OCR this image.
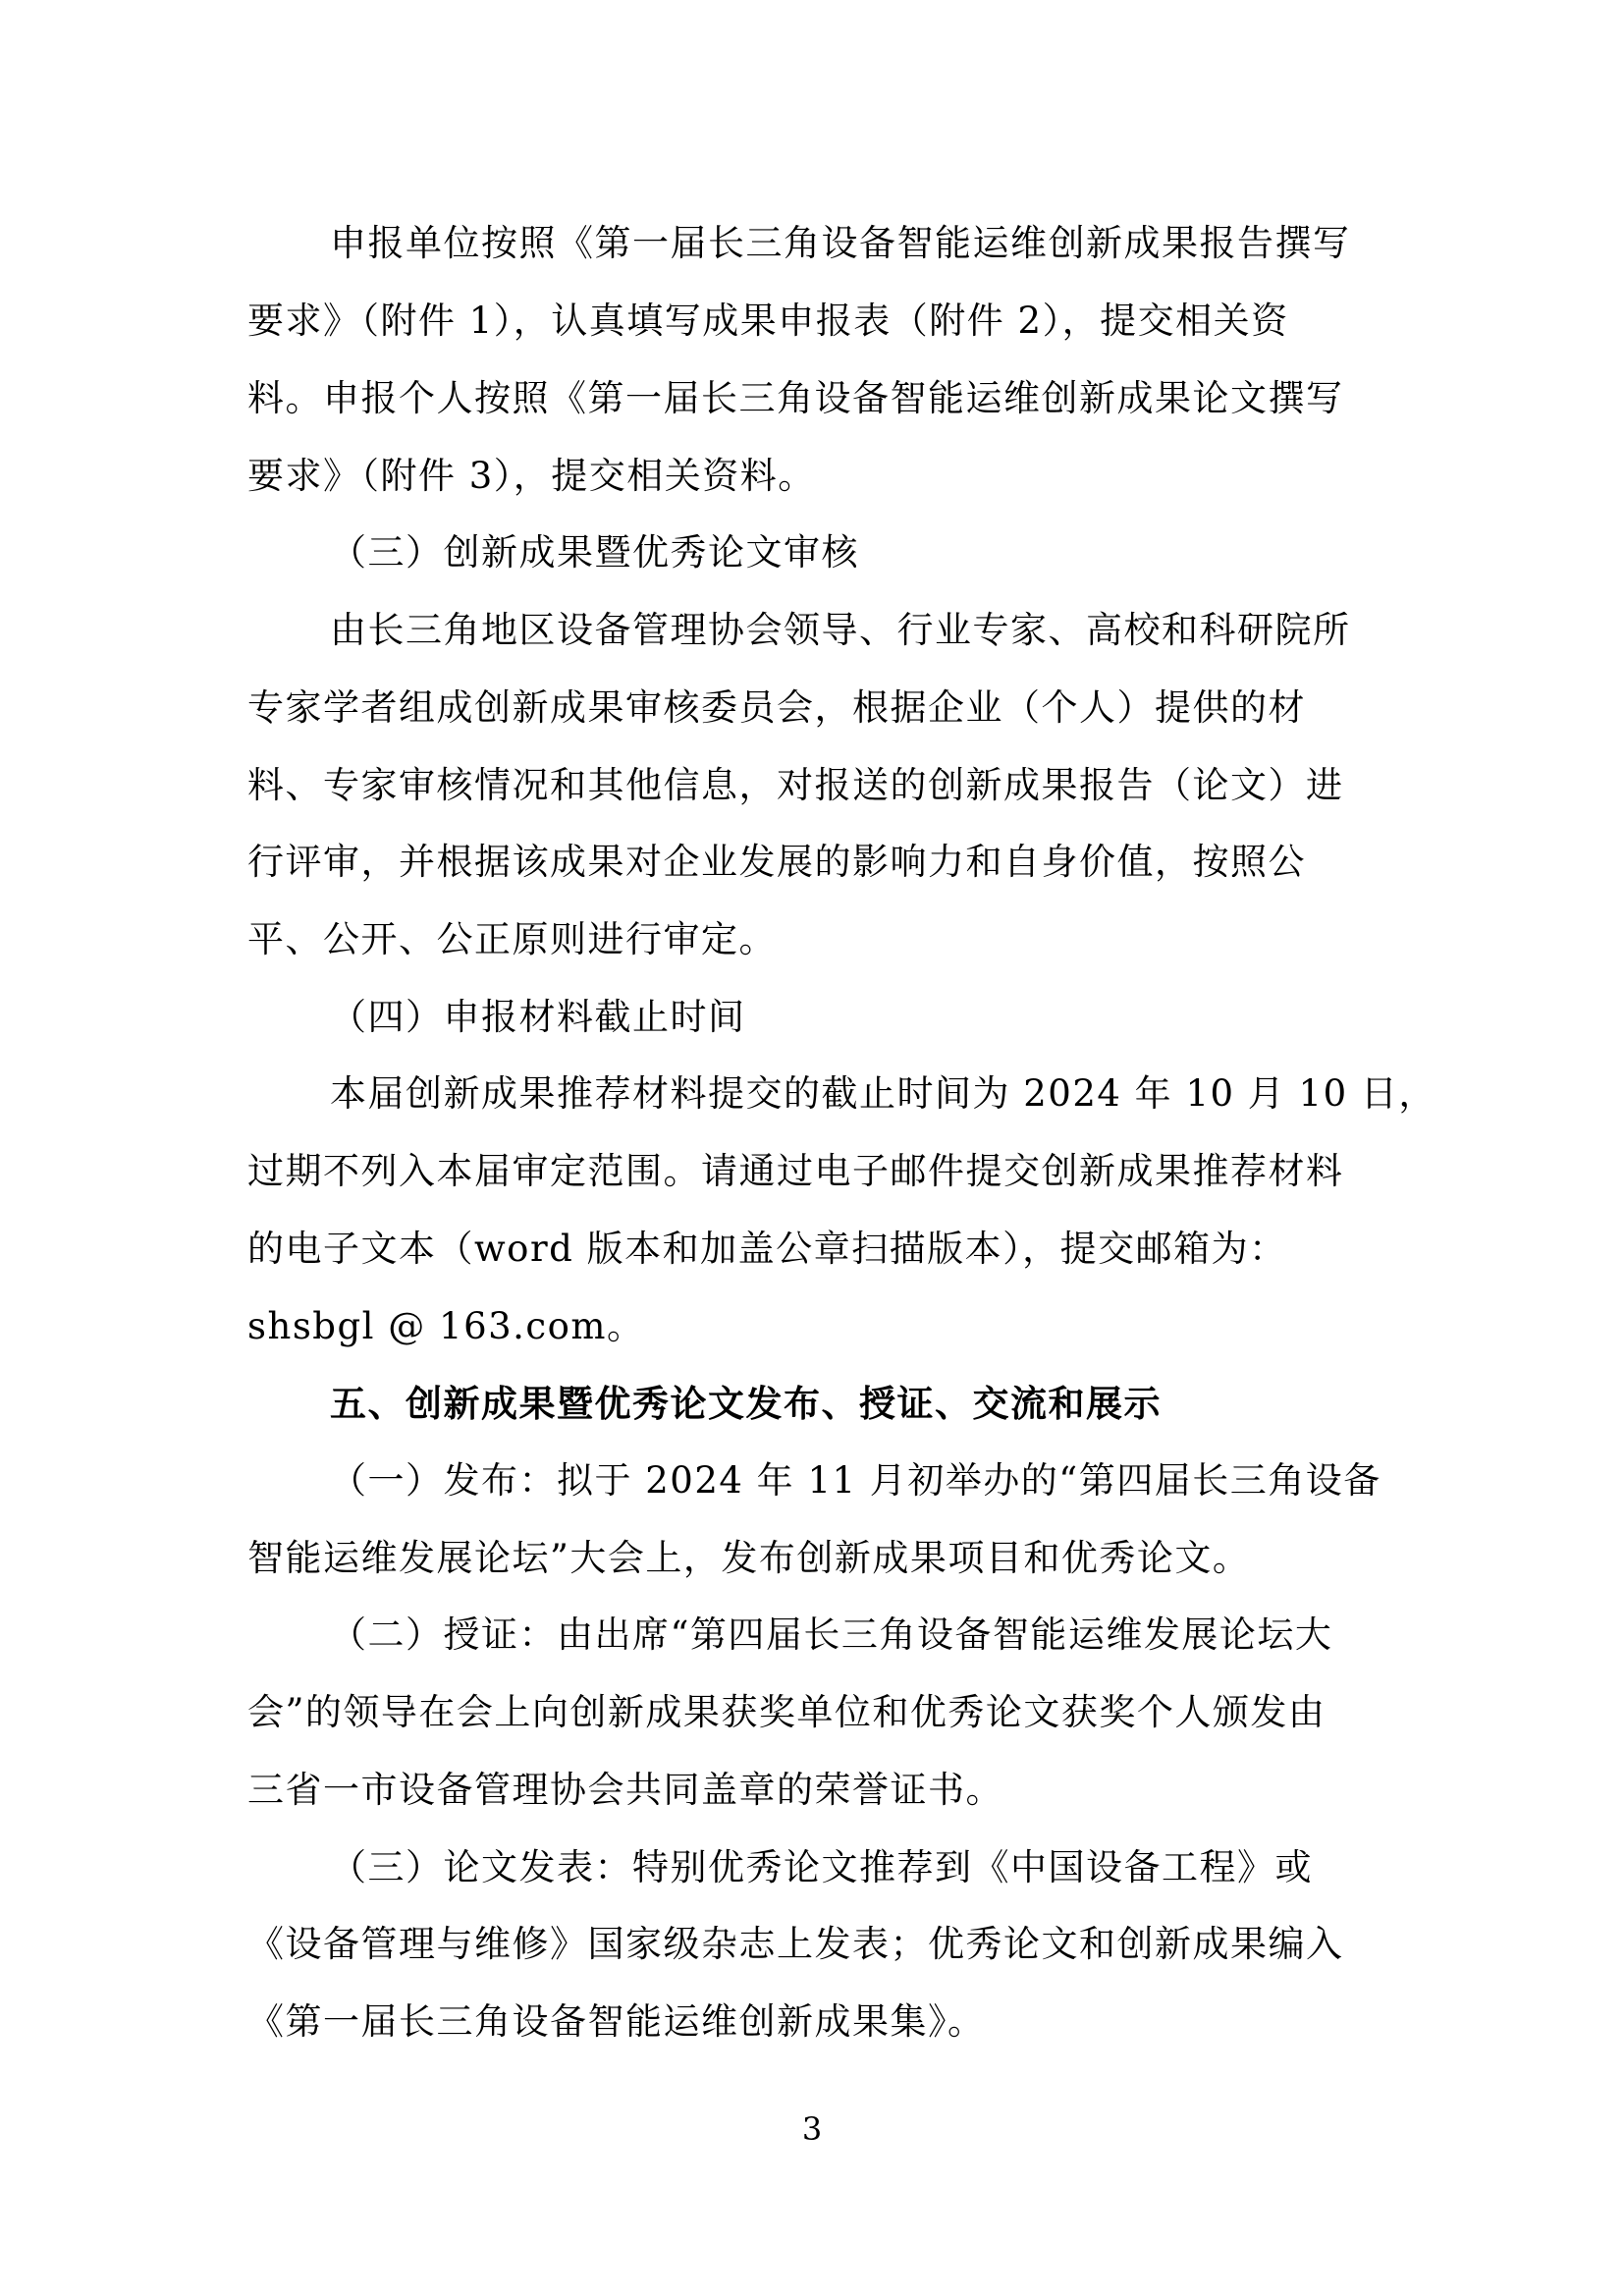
申报单位按照《第一届长三角设备智能运维创新成果报告撰写
要求》（附件 1），认真填写成果申报表（附件 2），提交相关资
料。申报个人按照《第一届长三角设备智能运维创新成果论文撰写
要求》（附件 3），提交相关资料。
（三）创新成果暨优秀论文审核
由长三角地区设备管理协会领导、行业专家、高校和科研院所
专家学者组成创新成果审核委员会，根据企业（个人）提供的材
料、专家审核情况和其他信息，对报送的创新成果报告（论文）进
行评审，并根据该成果对企业发展的影响力和自身价值，按照公
平、公开、公正原则进行审定。
（四）申报材料截止时间
本届创新成果推荐材料提交的截止时间为 2024 年 10 月 10 日，
过期不列入本届审定范围。请通过电子邮件提交创新成果推荐材料
的电子文本（word 版本和加盖公章扫描版本），提交邮箱为：
shsbgl @ 163.com。
五、创新成果暨优秀论文发布、授证、交流和展示
（一）发布：拟于 2024 年 11 月初举办的“第四届长三角设备
智能运维发展论坛”大会上，发布创新成果项目和优秀论文。
（二）授证：由出席“第四届长三角设备智能运维发展论坛大
会”的领导在会上向创新成果获奖单位和优秀论文获奖个人颁发由
三省一市设备管理协会共同盖章的荣誉证书。
（三）论文发表：特别优秀论文推荐到《中国设备工程》或
《设备管理与维修》国家级杂志上发表；优秀论文和创新成果编入
《第一届长三角设备智能运维创新成果集》。
3
